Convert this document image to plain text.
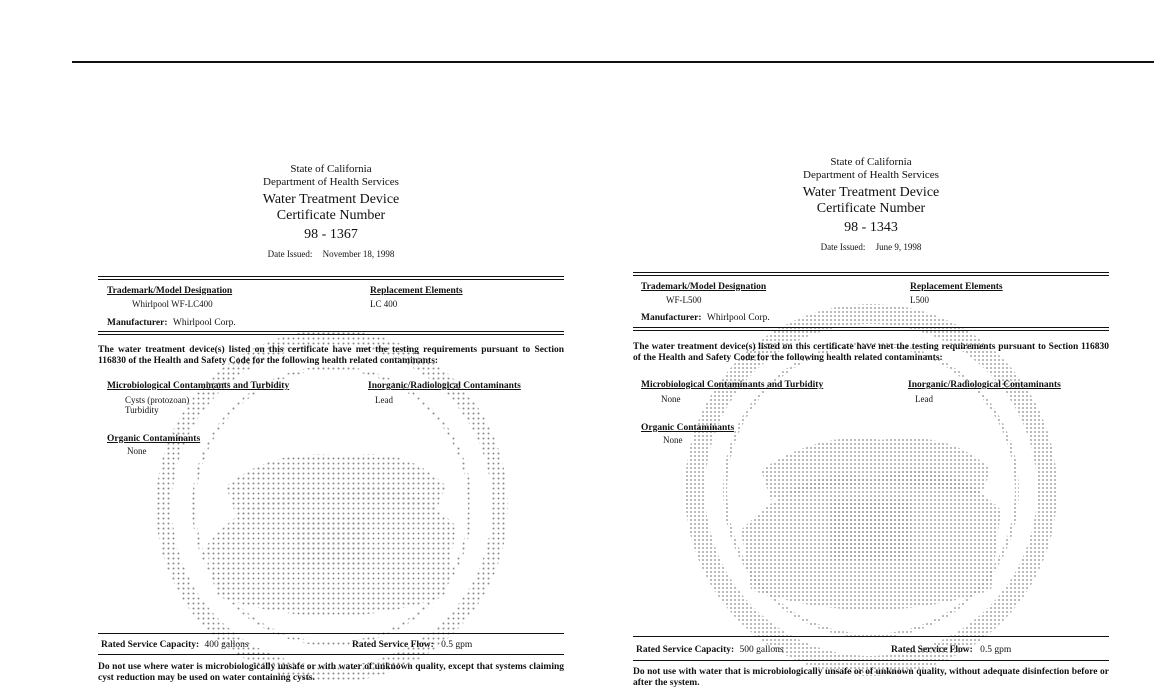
State of California
Department of Health Services
Water Treatment Device
Certificate Number
98 - 1367
Date Issued: November 18, 1998
Trademark/Model Designation
Whirlpool WF-LC400
Replacement Elements
LC 400
Manufacturer: Whirlpool Corp.
The water treatment device(s) listed on this certificate have met the testing requirements pursuant to Section 116830 of the Health and Safety Code for the following health related contaminants:
Microbiological Contaminants and Turbidity
Cysts (protozoan)
Turbidity
Inorganic/Radiological Contaminants
Lead
Organic Contaminants
None
Rated Service Capacity: 400 gallons	Rated Service Flow: 0.5 gpm
Do not use where water is microbiologically unsafe or with water of unknown quality, except that systems claiming cyst reduction may be used on water containing cysts.
State of California
Department of Health Services
Water Treatment Device
Certificate Number
98 - 1343
Date Issued: June 9, 1998
Trademark/Model Designation
WF-L500
Replacement Elements
L500
Manufacturer: Whirlpool Corp.
The water treatment device(s) listed on this certificate have met the testing requirements pursuant to Section 116830 of the Health and Safety Code for the following health related contaminants:
Microbiological Contaminants and Turbidity
None
Inorganic/Radiological Contaminants
Lead
Organic Contaminants
None
Rated Service Capacity: 500 gallons	Rated Service Flow: 0.5 gpm
Do not use with water that is microbiologically unsafe or of unknown quality, without adequate disinfection before or after the system.
